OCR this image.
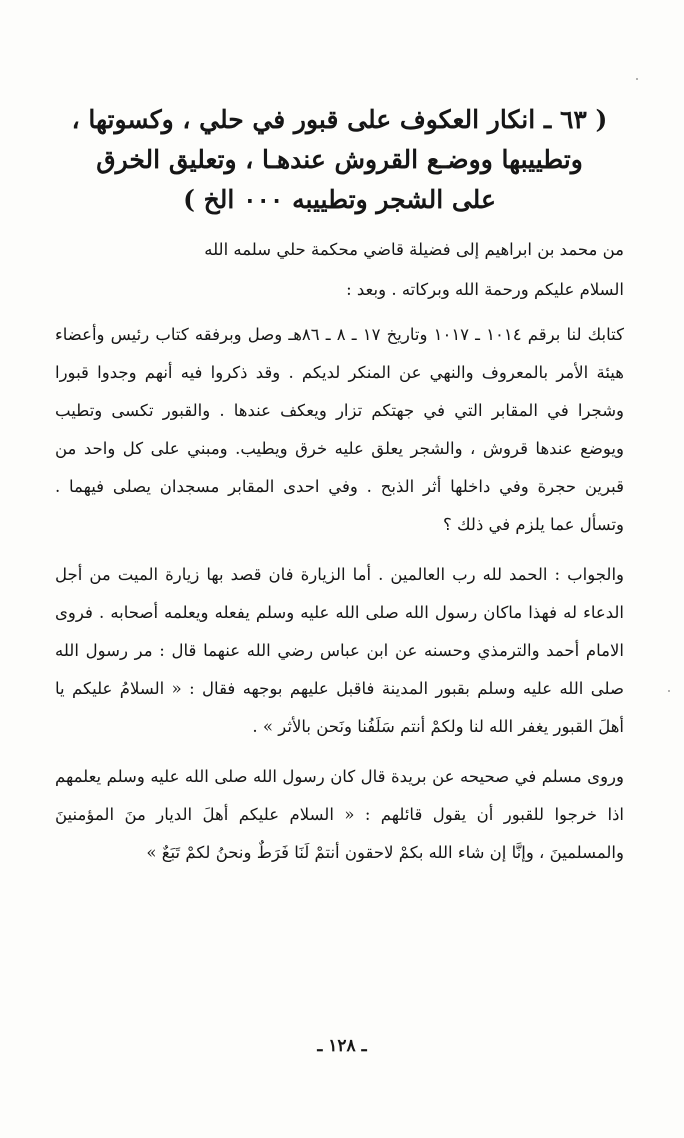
( ٦٣ ـ انكار العكوف على قبور في حلي ، وكسوتها ،
وتطييبها ووضـع القروش عندهـا ، وتعليق الخرق
على الشجر وتطييبه ٠٠٠ الخ )
من محمد بن ابراهيم إلى فضيلة قاضي محكمة حلي سلمه الله
السلام عليكم ورحمة الله وبركاته . وبعد :

كتابك لنا برقم ١٠١٤ ـ ١٠١٧ وتاريخ ١٧ ـ ٨ ـ ٨٦هـ وصل وبرفقه كتاب رئيس وأعضاء هيئة الأمر بالمعروف والنهي عن المنكر لديكم . وقد ذكروا فيه أنهم وجدوا قبورا وشجرا في المقابر التي في جهتكم تزار ويعكف عندها . والقبور تكسى وتطيب ويوضع عندها قروش ، والشجر يعلق عليه خرق ويطيب. ومبني على كل واحد من قبرين حجرة وفي داخلها أثر الذبح . وفي احدى المقابر مسجدان يصلى فيهما . وتسأل عما يلزم في ذلك ؟

والجواب : الحمد لله رب العالمين . أما الزيارة فان قصد بها زيارة الميت من أجل الدعاء له فهذا ماكان رسول الله صلى الله عليه وسلم يفعله ويعلمه أصحابه . فروى الامام أحمد والترمذي وحسنه عن ابن عباس رضي الله عنهما قال : مر رسول الله صلى الله عليه وسلم بقبور المدينة فاقبل عليهم بوجهه فقال : « السلامُ عليكم يا أهلَ القبور يغفر الله لنا ولكمْ أنتم سَلَفُنا ونَحن بالأثر » .

وروى مسلم في صحيحه عن بريدة قال كان رسول الله صلى الله عليه وسلم يعلمهم اذا خرجوا للقبور أن يقول قائلهم : « السلام عليكم أهلَ الديار منَ المؤمنينَ والمسلمينَ ، وإنَّا إن شاء الله بكمْ لاحقون أنتمْ لَنَا فَرَطٌ ونحنُ لكمْ تَبَعٌ »

ـ ١٢٨ ـ
